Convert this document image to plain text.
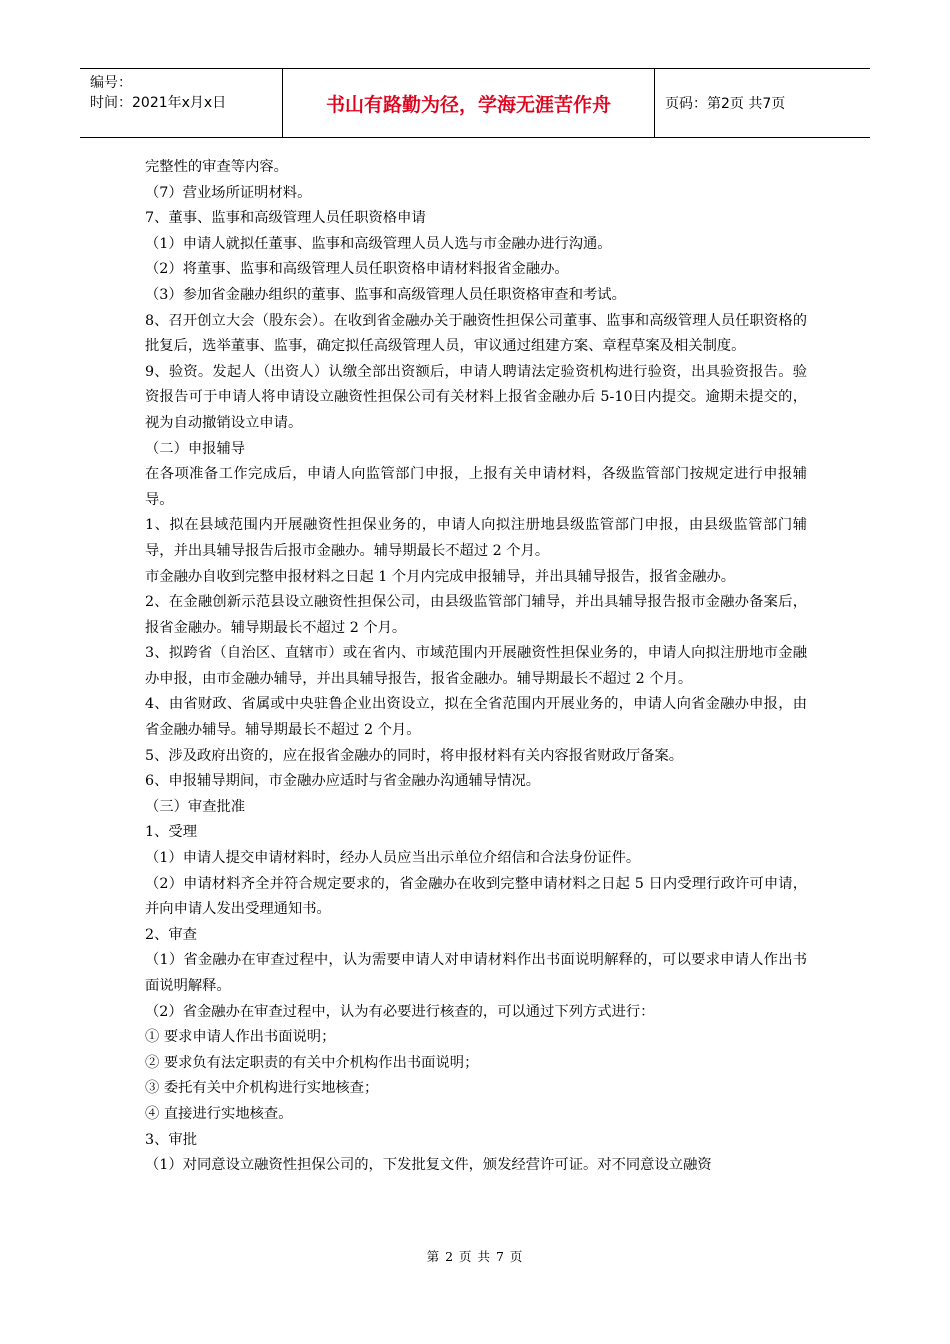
编号：
时间：2021年x月x日	书山有路勤为径，学海无涯苦作舟	页码：第2页 共7页

完整性的审查等内容。

（7）营业场所证明材料。

7、董事、监事和高级管理人员任职资格申请

（1）申请人就拟任董事、监事和高级管理人员人选与市金融办进行沟通。

（2）将董事、监事和高级管理人员任职资格申请材料报省金融办。

（3）参加省金融办组织的董事、监事和高级管理人员任职资格审查和考试。

8、召开创立大会（股东会）。在收到省金融办关于融资性担保公司董事、监事和高级管理人员任职资格的批复后，选举董事、监事，确定拟任高级管理人员，审议通过组建方案、章程草案及相关制度。

9、验资。发起人（出资人）认缴全部出资额后，申请人聘请法定验资机构进行验资，出具验资报告。验资报告可于申请人将申请设立融资性担保公司有关材料上报省金融办后 5-10日内提交。逾期未提交的，视为自动撤销设立申请。

（二）申报辅导

在各项准备工作完成后，申请人向监管部门申报，上报有关申请材料，各级监管部门按规定进行申报辅导。

1、拟在县域范围内开展融资性担保业务的，申请人向拟注册地县级监管部门申报，由县级监管部门辅导，并出具辅导报告后报市金融办。辅导期最长不超过 2 个月。

市金融办自收到完整申报材料之日起 1 个月内完成申报辅导，并出具辅导报告，报省金融办。

2、在金融创新示范县设立融资性担保公司，由县级监管部门辅导，并出具辅导报告报市金融办备案后，报省金融办。辅导期最长不超过 2 个月。

3、拟跨省（自治区、直辖市）或在省内、市域范围内开展融资性担保业务的，申请人向拟注册地市金融办申报，由市金融办辅导，并出具辅导报告，报省金融办。辅导期最长不超过 2 个月。

4、由省财政、省属或中央驻鲁企业出资设立，拟在全省范围内开展业务的，申请人向省金融办申报，由省金融办辅导。辅导期最长不超过 2 个月。

5、涉及政府出资的，应在报省金融办的同时，将申报材料有关内容报省财政厅备案。

6、申报辅导期间，市金融办应适时与省金融办沟通辅导情况。

（三）审查批准

1、受理

（1）申请人提交申请材料时，经办人员应当出示单位介绍信和合法身份证件。

（2）申请材料齐全并符合规定要求的，省金融办在收到完整申请材料之日起 5 日内受理行政许可申请，并向申请人发出受理通知书。

2、审查

（1）省金融办在审查过程中，认为需要申请人对申请材料作出书面说明解释的，可以要求申请人作出书面说明解释。

（2）省金融办在审查过程中，认为有必要进行核查的，可以通过下列方式进行：

① 要求申请人作出书面说明；

② 要求负有法定职责的有关中介机构作出书面说明；

③ 委托有关中介机构进行实地核查；

④ 直接进行实地核查。

3、审批

（1）对同意设立融资性担保公司的，下发批复文件，颁发经营许可证。对不同意设立融资

第 2 页 共 7 页
